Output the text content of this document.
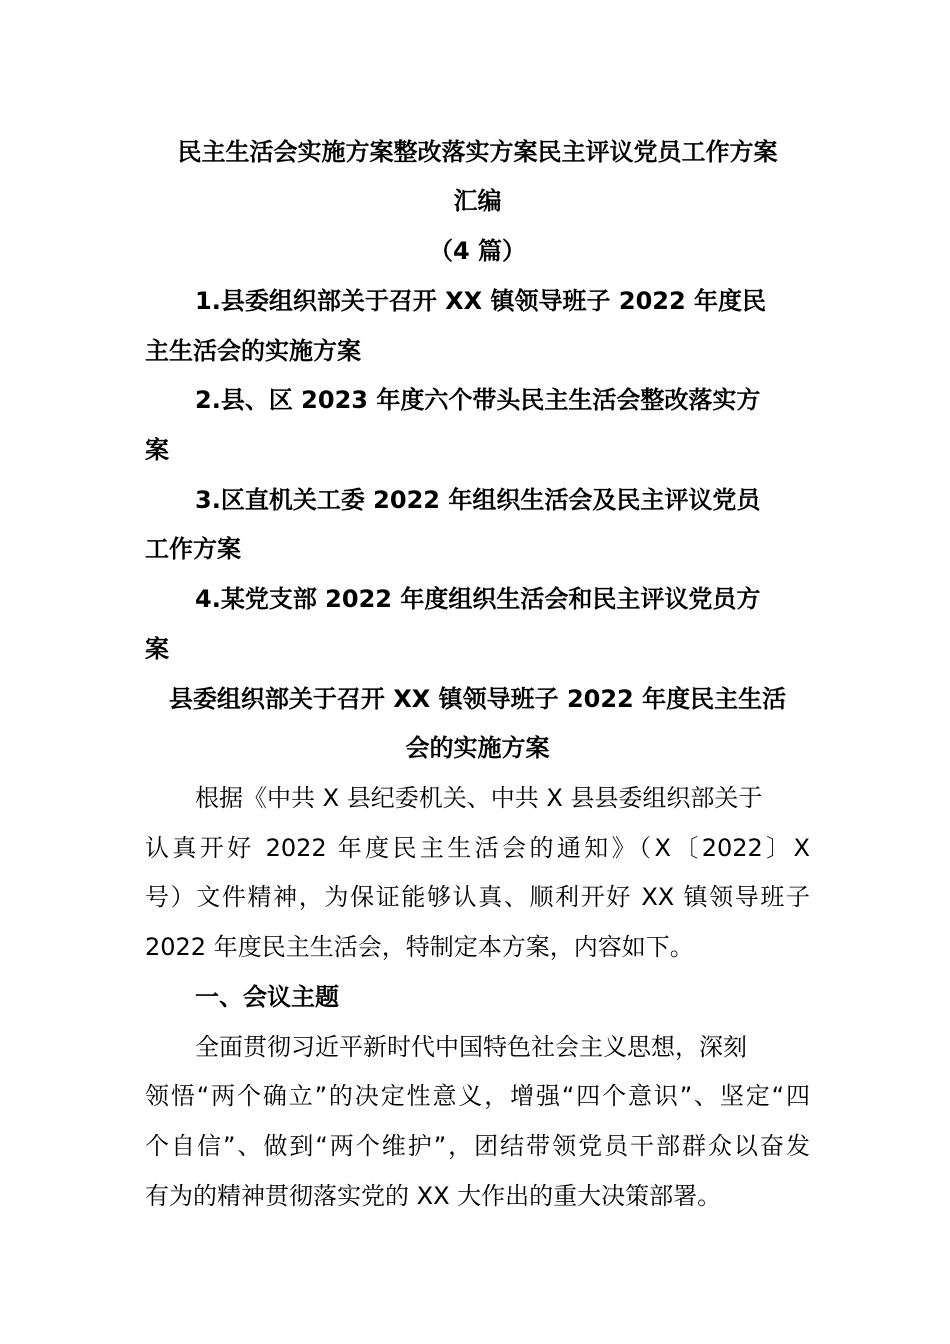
民主生活会实施方案整改落实方案民主评议党员工作方案
汇编
（4 篇）
1.县委组织部关于召开 XX 镇领导班子 2022 年度民
主生活会的实施方案
2.县、区 2023 年度六个带头民主生活会整改落实方
案
3.区直机关工委 2022 年组织生活会及民主评议党员
工作方案
4.某党支部 2022 年度组织生活会和民主评议党员方
案
县委组织部关于召开 XX 镇领导班子 2022 年度民主生活
会的实施方案
根据《中共 X 县纪委机关、中共 X 县县委组织部关于
认真开好 2022 年度民主生活会的通知》（X〔2022〕X
号）文件精神，为保证能够认真、顺利开好 XX 镇领导班子
2022 年度民主生活会，特制定本方案，内容如下。
一、会议主题
全面贯彻习近平新时代中国特色社会主义思想，深刻
领悟“两个确立”的决定性意义，增强“四个意识”、坚定“四
个自信”、做到“两个维护”，团结带领党员干部群众以奋发
有为的精神贯彻落实党的 XX 大作出的重大决策部署。
